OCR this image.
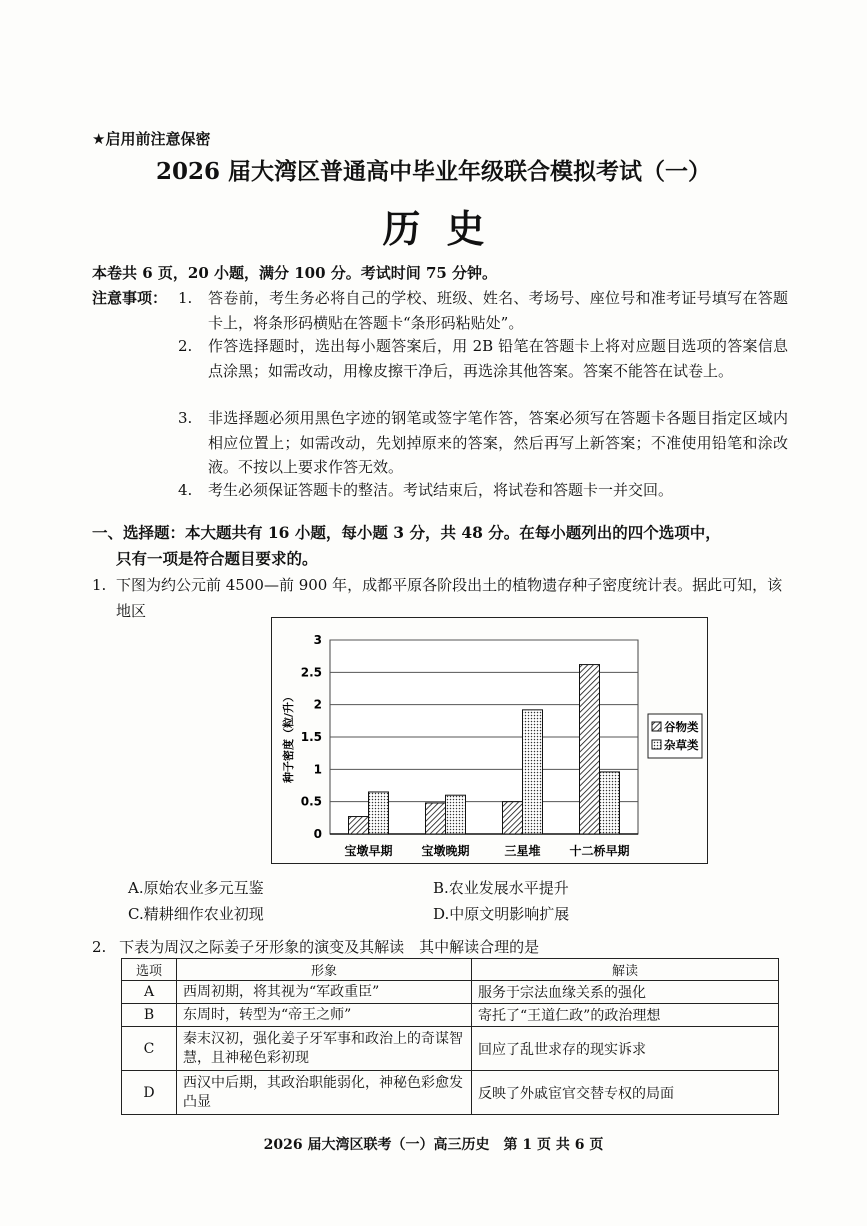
★启用前注意保密
2026 届大湾区普通高中毕业年级联合模拟考试（一）
历史
本卷共 6 页，20 小题，满分 100 分。考试时间 75 分钟。
注意事项： 1. 答卷前，考生务必将自己的学校、班级、姓名、考场号、座位号和准考证号填写在答题卡上，将条形码横贴在答题卡“条形码粘贴处”。
2. 作答选择题时，选出每小题答案后，用 2B 铅笔在答题卡上将对应题目选项的答案信息点涂黑；如需改动，用橡皮擦干净后，再选涂其他答案。答案不能答在试卷上。
3. 非选择题必须用黑色字迹的钢笔或签字笔作答，答案必须写在答题卡各题目指定区域内相应位置上；如需改动，先划掉原来的答案，然后再写上新答案；不准使用铅笔和涂改液。不按以上要求作答无效。
4. 考生必须保证答题卡的整洁。考试结束后，将试卷和答题卡一并交回。
一、选择题：本大题共有 16 小题，每小题 3 分，共 48 分。在每小题列出的四个选项中，
只有一项是符合题目要求的。
1. 下图为约公元前 4500—前 900 年，成都平原各阶段出土的植物遗存种子密度统计表。据此可知，该地区
0
0.5
1
1.5
2
2.5
3
种子密度（粒/升）
宝墩早期 宝墩晚期	三星堆 十二桥早期
谷物类
杂草类
A.原始农业多元互鉴	B.农业发展水平提升
C.精耕细作农业初现	D.中原文明影响扩展
2. 下表为周汉之际姜子牙形象的演变及其解读　其中解读合理的是
选项	形象	解读
A	西周初期，将其视为“军政重臣”	服务于宗法血缘关系的强化
B	东周时，转型为“帝王之师”	寄托了“王道仁政”的政治理想
C	秦末汉初，强化姜子牙军事和政治上的奇谋智慧，且神秘色彩初现	回应了乱世求存的现实诉求
D	西汉中后期，其政治职能弱化，神秘色彩愈发凸显	反映了外戚宦官交替专权的局面
2026 届大湾区联考（一）高三历史　第 1 页 共 6 页
